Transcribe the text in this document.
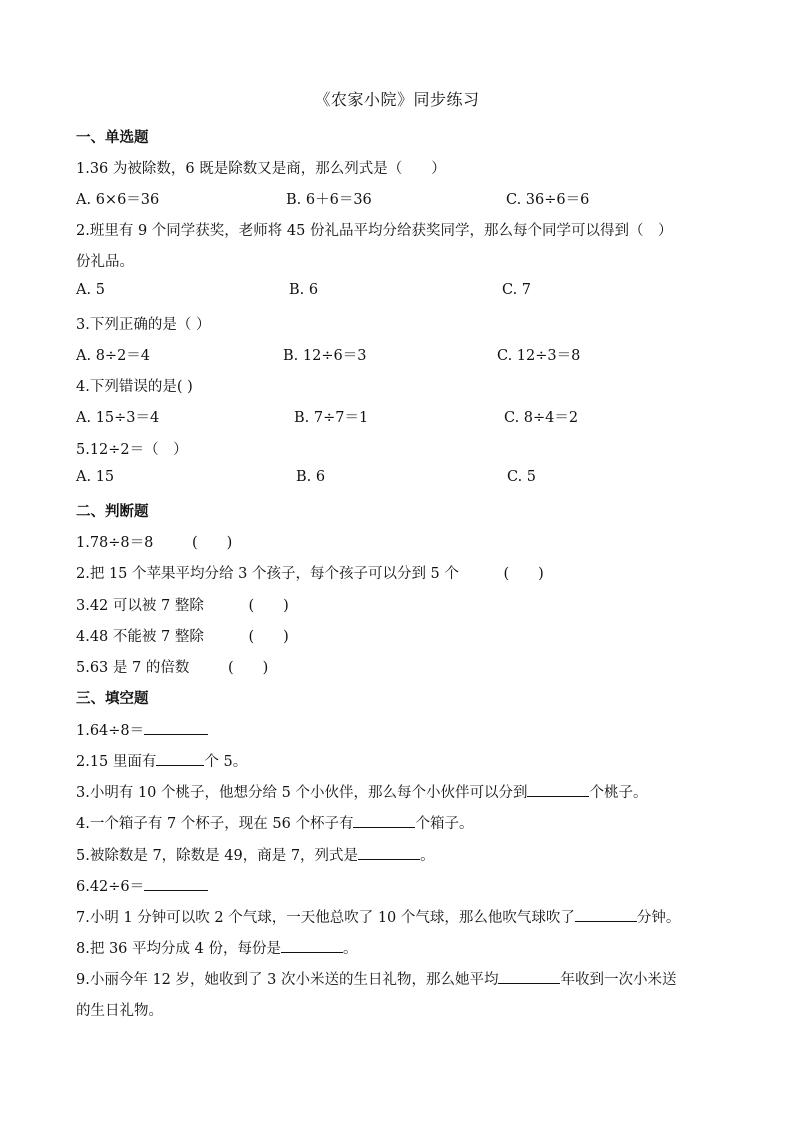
《农家小院》同步练习
一、单选题
1.36 为被除数，6 既是除数又是商，那么列式是（　　）
A. 6×6＝36	B. 6＋6＝36	C. 36÷6＝6
2.班里有 9 个同学获奖，老师将 45 份礼品平均分给获奖同学，那么每个同学可以得到（　）
份礼品。
A. 5	B. 6	C. 7
3.下列正确的是（ ）
A. 8÷2＝4	B. 12÷6＝3	C. 12÷3＝8
4.下列错误的是( )
A. 15÷3＝4	B. 7÷7＝1	C. 8÷4＝2
5.12÷2＝（　）
A. 15	B. 6	C. 5
二、判断题
1.78÷8＝8	(　　)
2.把 15 个苹果平均分给 3 个孩子，每个孩子可以分到 5 个	(　　)
3.42 可以被 7 整除	(　　)
4.48 不能被 7 整除	(　　)
5.63 是 7 的倍数	(　　)
三、填空题
1.64÷8＝
2.15 里面有	个 5。
3.小明有 10 个桃子，他想分给 5 个小伙伴，那么每个小伙伴可以分到	个桃子。
4.一个箱子有 7 个杯子，现在 56 个杯子有	个箱子。
5.被除数是 7，除数是 49，商是 7，列式是	。
6.42÷6＝
7.小明 1 分钟可以吹 2 个气球，一天他总吹了 10 个气球，那么他吹气球吹了	分钟。
8.把 36 平均分成 4 份，每份是	。
9.小丽今年 12 岁，她收到了 3 次小米送的生日礼物，那么她平均	年收到一次小米送
的生日礼物。
